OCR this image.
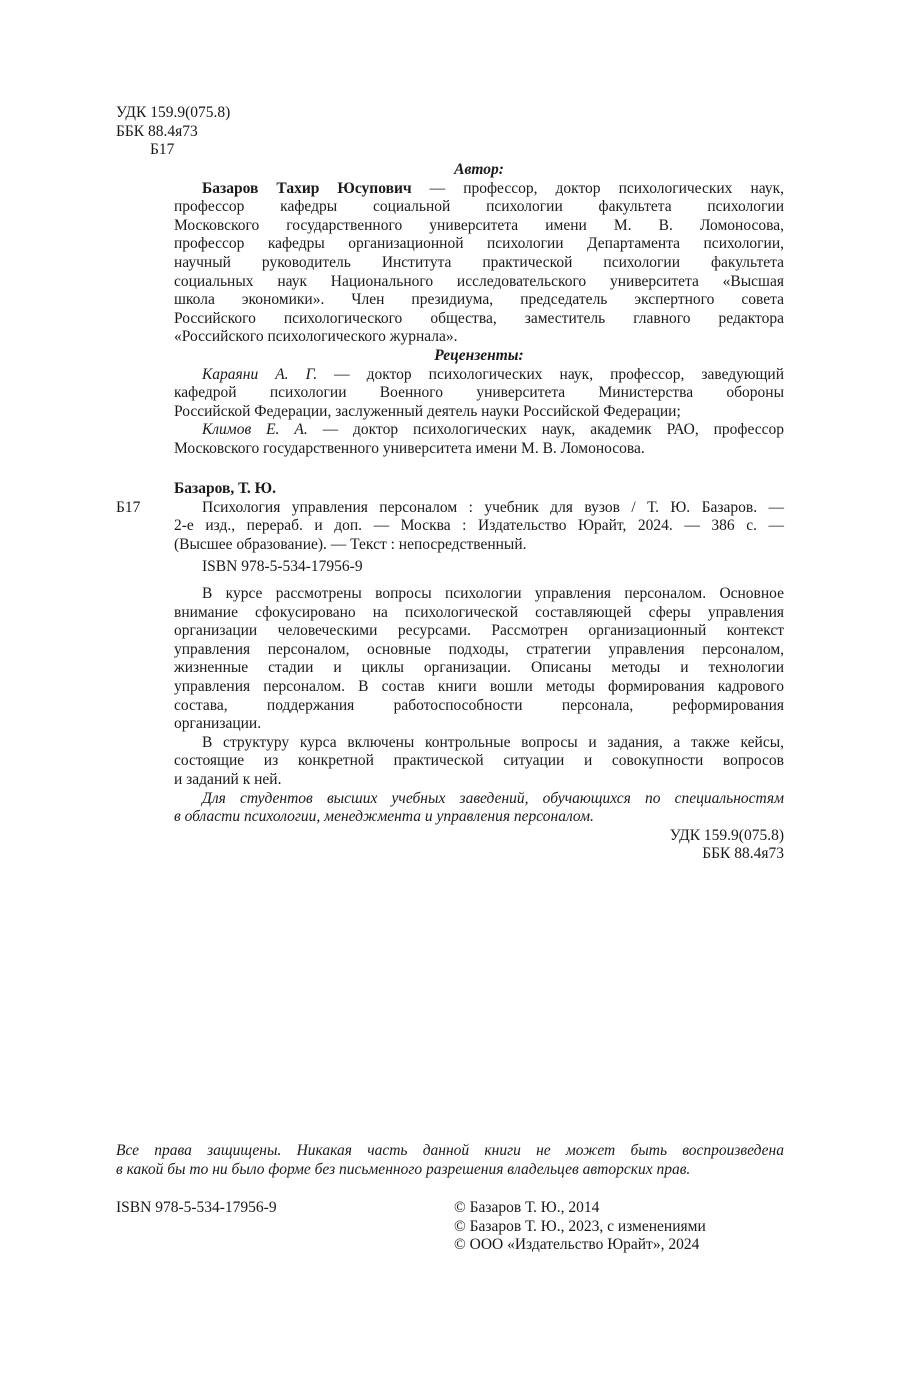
УДК 159.9(075.8)
ББК 88.4я73
Б17
Автор:
Базаров Тахир Юсупович — профессор, доктор психологических наук,
профессор кафедры социальной психологии факультета психологии
Московского государственного университета имени М. В. Ломоносова,
профессор кафедры организационной психологии Департамента психологии,
научный руководитель Института практической психологии факультета
социальных наук Национального исследовательского университета «Высшая
школа экономики». Член президиума, председатель экспертного совета
Российского психологического общества, заместитель главного редактора
«Российского психологического журнала».
Рецензенты:
Караяни А. Г. — доктор психологических наук, профессор, заведующий
кафедрой психологии Военного университета Министерства обороны
Российской Федерации, заслуженный деятель науки Российской Федерации;
Климов Е. А. — доктор психологических наук, академик РАО, профессор
Московского государственного университета имени М. В. Ломоносова.
Базаров, Т. Ю.
Психология управления персоналом : учебник для вузов / Т. Ю. Базаров. —
2-е изд., перераб. и доп. — Москва : Издательство Юрайт, 2024. — 386 с. —
(Высшее образование). — Текст : непосредственный.
ISBN 978-5-534-17956-9
Б17
В курсе рассмотрены вопросы психологии управления персоналом. Основное
внимание сфокусировано на психологической составляющей сферы управления
организации человеческими ресурсами. Рассмотрен организационный контекст
управления персоналом, основные подходы, стратегии управления персоналом,
жизненные стадии и циклы организации. Описаны методы и технологии
управления персоналом. В состав книги вошли методы формирования кадрового
состава, поддержания работоспособности персонала, реформирования
организации.
В структуру курса включены контрольные вопросы и задания, а также кейсы,
состоящие из конкретной практической ситуации и совокупности вопросов
и заданий к ней.
Для студентов высших учебных заведений, обучающихся по специальностям
в области психологии, менеджмента и управления персоналом.
УДК 159.9(075.8)
ББК 88.4я73
Все права защищены. Никакая часть данной книги не может быть воспроизведена
в какой бы то ни было форме без письменного разрешения владельцев авторских прав.
ISBN 978-5-534-17956-9	© Базаров Т. Ю., 2014
© Базаров Т. Ю., 2023, с изменениями
© ООО «Издательство Юрайт», 2024
